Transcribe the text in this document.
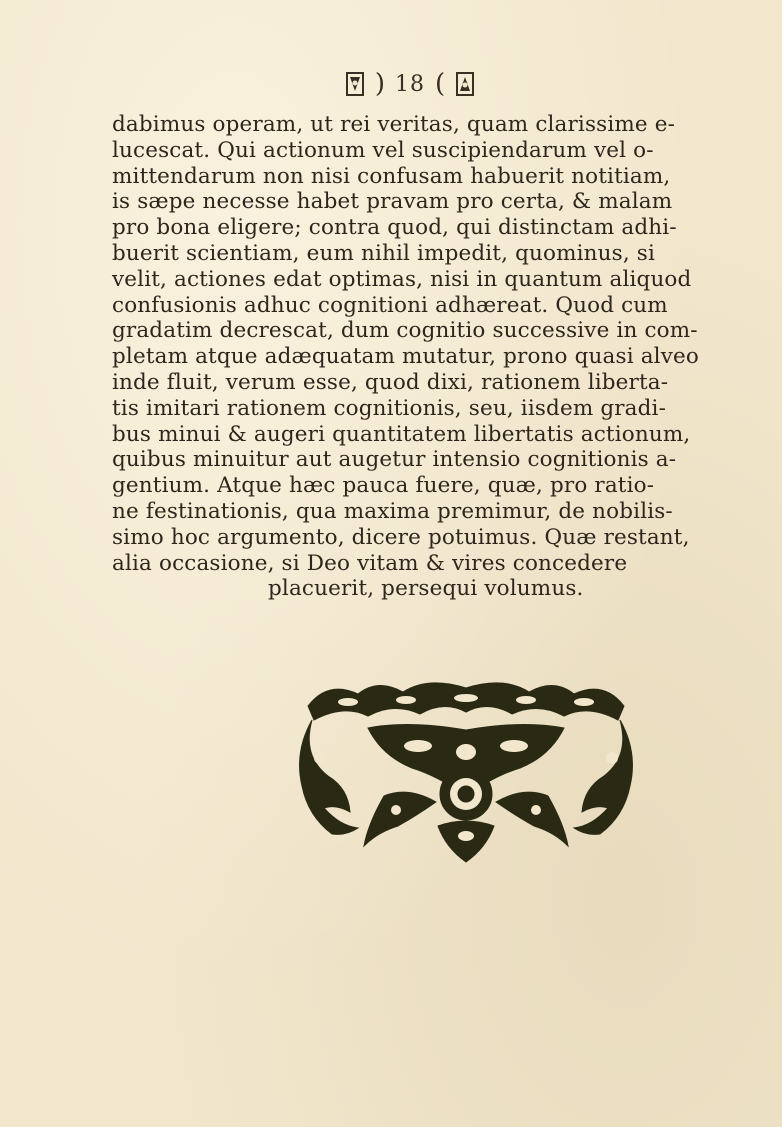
) 18 (
dabimus operam, ut rei veritas, quam clarissime e-
lucescat. Qui actionum vel suscipiendarum vel o-
mittendarum non nisi confusam habuerit notitiam,
is sæpe necesse habet pravam pro certa, & malam
pro bona eligere; contra quod, qui distinctam adhi-
buerit scientiam, eum nihil impedit, quominus, si
velit, actiones edat optimas, nisi in quantum aliquod
confusionis adhuc cognitioni adhæreat. Quod cum
gradatim decrescat, dum cognitio successive in com-
pletam atque adæquatam mutatur, prono quasi alveo
inde fluit, verum esse, quod dixi, rationem liberta-
tis imitari rationem cognitionis, seu, iisdem gradi-
bus minui & augeri quantitatem libertatis actionum,
quibus minuitur aut augetur intensio cognitionis a-
gentium. Atque hæc pauca fuere, quæ, pro ratio-
ne festinationis, qua maxima premimur, de nobilis-
simo hoc argumento, dicere potuimus. Quæ restant,
alia occasione, si Deo vitam & vires concedere
placuerit, persequi volumus.
